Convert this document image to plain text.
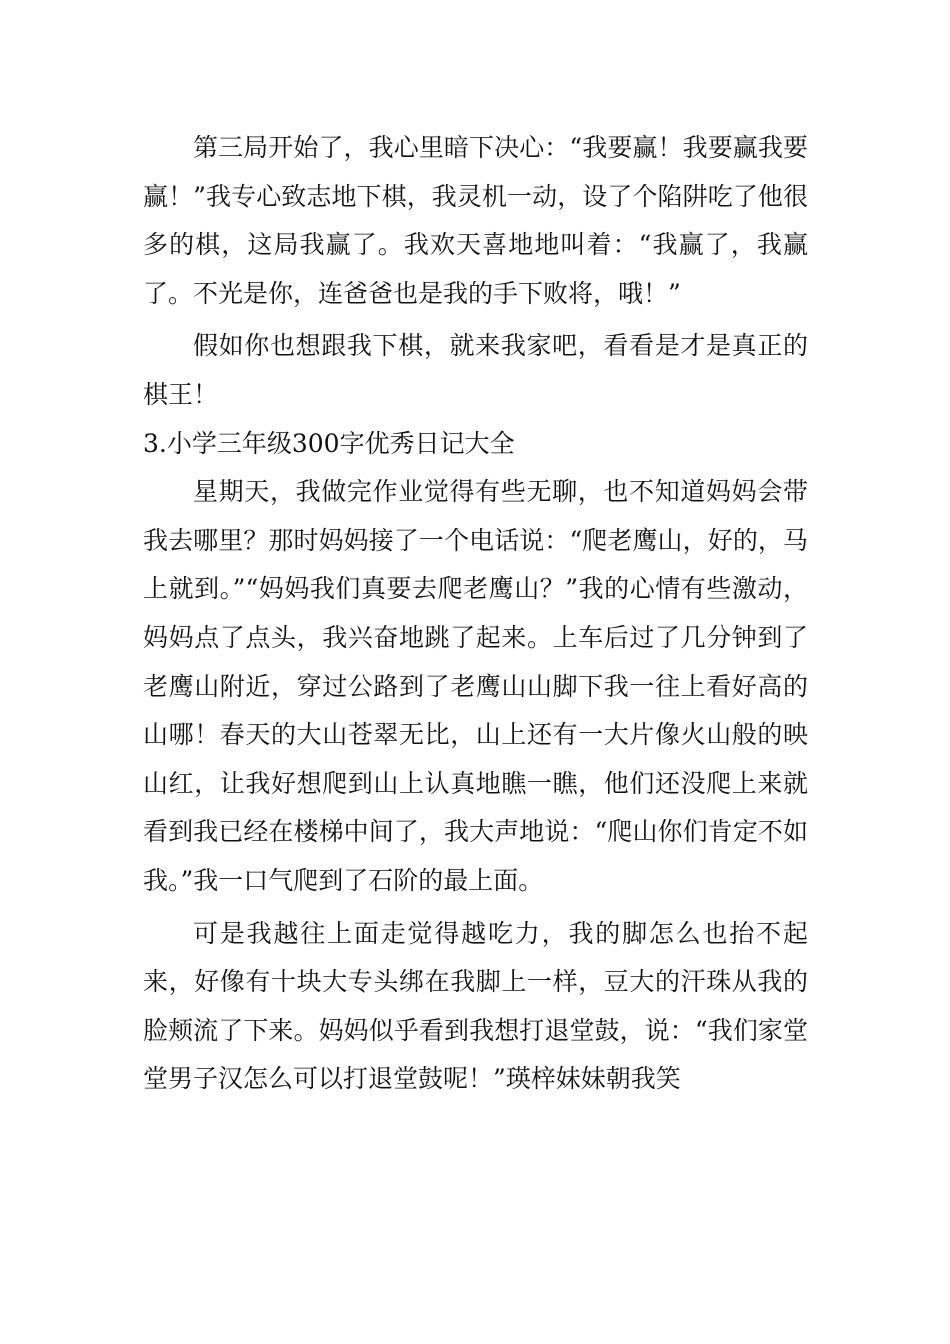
第三局开始了，我心里暗下决心：“我要赢！我要赢我要赢！”我专心致志地下棋，我灵机一动，设了个陷阱吃了他很多的棋，这局我赢了。我欢天喜地地叫着：“我赢了，我赢了。不光是你，连爸爸也是我的手下败将，哦！”

假如你也想跟我下棋，就来我家吧，看看是才是真正的棋王！

3.小学三年级300字优秀日记大全

星期天，我做完作业觉得有些无聊，也不知道妈妈会带我去哪里？那时妈妈接了一个电话说：“爬老鹰山，好的，马上就到。”“妈妈我们真要去爬老鹰山？”我的心情有些激动，妈妈点了点头，我兴奋地跳了起来。上车后过了几分钟到了老鹰山附近，穿过公路到了老鹰山山脚下我一往上看好高的山哪！春天的大山苍翠无比，山上还有一大片像火山般的映山红，让我好想爬到山上认真地瞧一瞧，他们还没爬上来就看到我已经在楼梯中间了，我大声地说：“爬山你们肯定不如我。”我一口气爬到了石阶的最上面。

可是我越往上面走觉得越吃力，我的脚怎么也抬不起来，好像有十块大专头绑在我脚上一样，豆大的汗珠从我的脸颊流了下来。妈妈似乎看到我想打退堂鼓，说：“我们家堂堂男子汉怎么可以打退堂鼓呢！”瑛梓妹妹朝我笑
